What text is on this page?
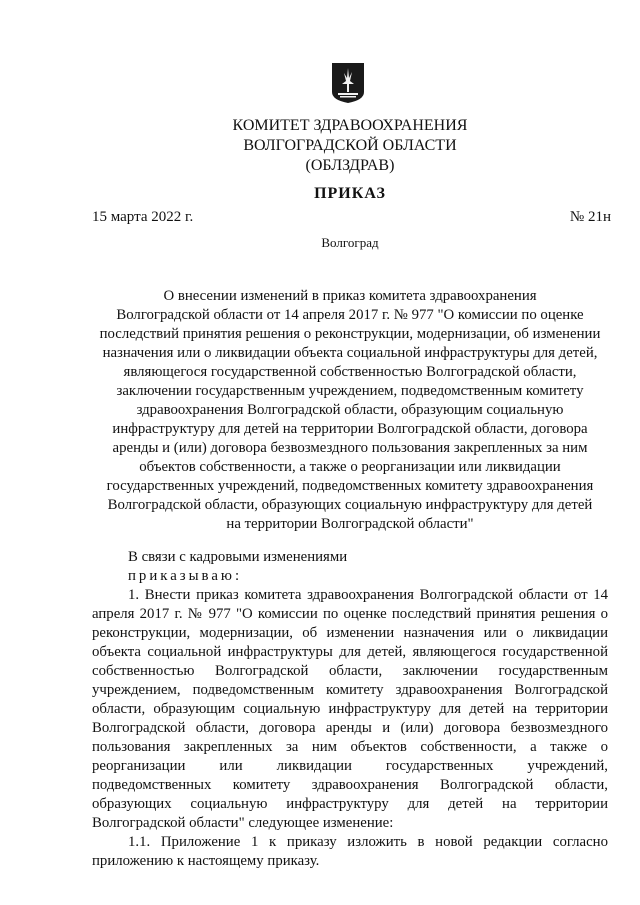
КОМИТЕТ ЗДРАВООХРАНЕНИЯ
ВОЛГОГРАДСКОЙ ОБЛАСТИ
(ОБЛЗДРАВ)
ПРИКАЗ
15 марта 2022 г.	№ 21н
Волгоград
О внесении изменений в приказ комитета здравоохранения
Волгоградской области от 14 апреля 2017 г. № 977 "О комиссии по оценке
последствий принятия решения о реконструкции, модернизации, об изменении
назначения или о ликвидации объекта социальной инфраструктуры для детей,
являющегося государственной собственностью Волгоградской области,
заключении государственным учреждением, подведомственным комитету
здравоохранения Волгоградской области, образующим социальную
инфраструктуру для детей на территории Волгоградской области, договора
аренды и (или) договора безвозмездного пользования закрепленных за ним
объектов собственности, а также о реорганизации или ликвидации
государственных учреждений, подведомственных комитету здравоохранения
Волгоградской области, образующих социальную инфраструктуру для детей
на территории Волгоградской области"
В связи с кадровыми изменениями
приказываю:
1. Внести приказ комитета здравоохранения Волгоградской области от 14 апреля 2017 г. № 977 "О комиссии по оценке последствий принятия решения о реконструкции, модернизации, об изменении назначения или о ликвидации объекта социальной инфраструктуры для детей, являющегося государственной собственностью Волгоградской области, заключении государственным учреждением, подведомственным комитету здравоохранения Волгоградской области, образующим социальную инфраструктуру для детей на территории Волгоградской области, договора аренды и (или) договора безвозмездного пользования закрепленных за ним объектов собственности, а также о реорганизации или ликвидации государственных учреждений, подведомственных комитету здравоохранения Волгоградской области, образующих социальную инфраструктуру для детей на территории Волгоградской области" следующее изменение:
1.1. Приложение 1 к приказу изложить в новой редакции согласно приложению к настоящему приказу.
